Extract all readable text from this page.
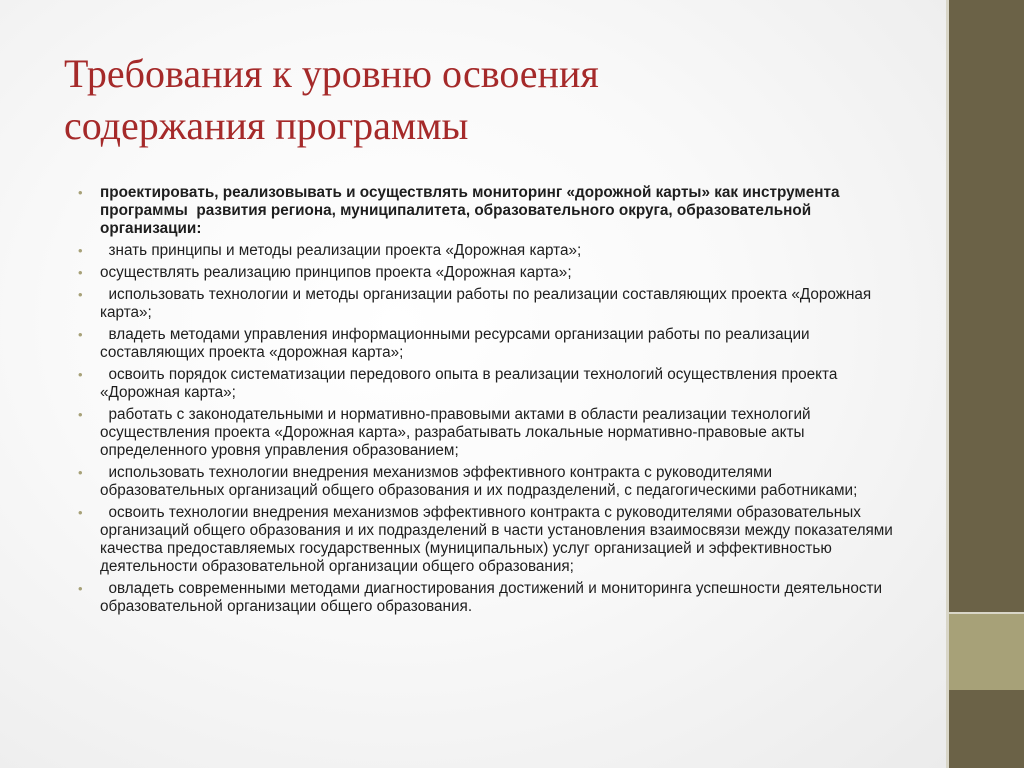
Требования к уровню освоения
содержания программы
• проектировать, реализовывать и осуществлять мониторинг «дорожной карты» как инструмента программы  развития региона, муниципалитета, образовательного округа, образовательной организации:
• знать принципы и методы реализации проекта «Дорожная карта»;
• осуществлять реализацию принципов проекта «Дорожная карта»;
• использовать технологии и методы организации работы по реализации составляющих проекта «Дорожная карта»;
• владеть методами управления информационными ресурсами организации работы по реализации составляющих проекта «дорожная карта»;
• освоить порядок систематизации передового опыта в реализации технологий осуществления проекта «Дорожная карта»;
• работать с законодательными и нормативно-правовыми актами в области реализации технологий осуществления проекта «Дорожная карта», разрабатывать локальные нормативно-правовые акты определенного уровня управления образованием;
• использовать технологии внедрения механизмов эффективного контракта с руководителями образовательных организаций общего образования и их подразделений, с педагогическими работниками;
• освоить технологии внедрения механизмов эффективного контракта с руководителями образовательных организаций общего образования и их подразделений в части установления взаимосвязи между показателями качества предоставляемых государственных (муниципальных) услуг организацией и эффективностью деятельности образовательной организации общего образования;
• овладеть современными методами диагностирования достижений и мониторинга успешности деятельности образовательной организации общего образования.
